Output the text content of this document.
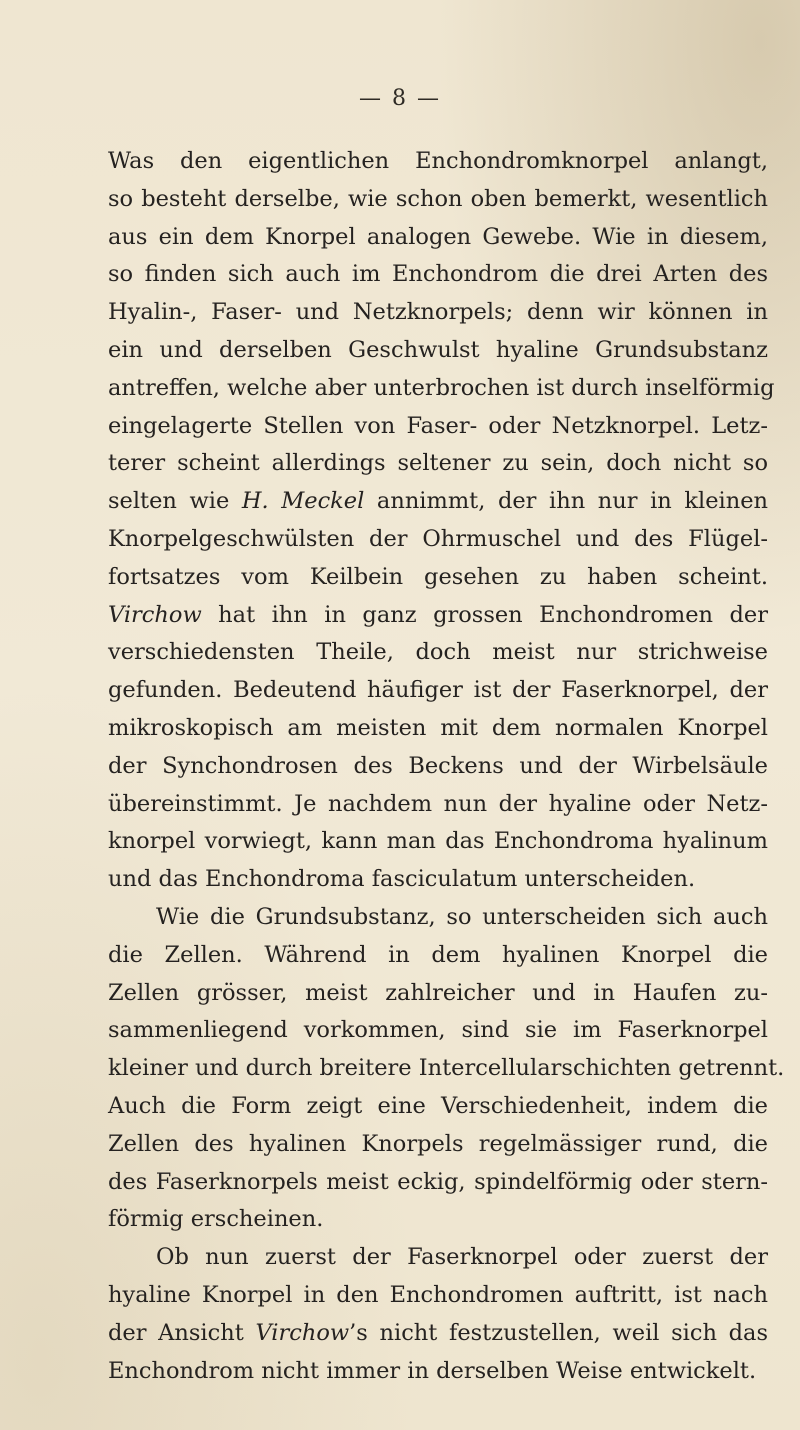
— 8 —
Was den eigentlichen Enchondromknorpel anlangt,
so besteht derselbe, wie schon oben bemerkt, wesentlich
aus ein dem Knorpel analogen Gewebe. Wie in diesem,
so finden sich auch im Enchondrom die drei Arten des
Hyalin-, Faser- und Netzknorpels; denn wir können in
ein und derselben Geschwulst hyaline Grundsubstanz
antreffen, welche aber unterbrochen ist durch inselförmig
eingelagerte Stellen von Faser- oder Netzknorpel. Letz-
terer scheint allerdings seltener zu sein, doch nicht so
selten wie H. Meckel annimmt, der ihn nur in kleinen
Knorpelgeschwülsten der Ohrmuschel und des Flügel-
fortsatzes vom Keilbein gesehen zu haben scheint.
Virchow hat ihn in ganz grossen Enchondromen der
verschiedensten Theile, doch meist nur strichweise
gefunden. Bedeutend häufiger ist der Faserknorpel, der
mikroskopisch am meisten mit dem normalen Knorpel
der Synchondrosen des Beckens und der Wirbelsäule
übereinstimmt. Je nachdem nun der hyaline oder Netz-
knorpel vorwiegt, kann man das Enchondroma hyalinum
und das Enchondroma fasciculatum unterscheiden.
Wie die Grundsubstanz, so unterscheiden sich auch
die Zellen. Während in dem hyalinen Knorpel die
Zellen grösser, meist zahlreicher und in Haufen zu-
sammenliegend vorkommen, sind sie im Faserknorpel
kleiner und durch breitere Intercellularschichten getrennt.
Auch die Form zeigt eine Verschiedenheit, indem die
Zellen des hyalinen Knorpels regelmässiger rund, die
des Faserknorpels meist eckig, spindelförmig oder stern-
förmig erscheinen.
Ob nun zuerst der Faserknorpel oder zuerst der
hyaline Knorpel in den Enchondromen auftritt, ist nach
der Ansicht Virchow’s nicht festzustellen, weil sich das
Enchondrom nicht immer in derselben Weise entwickelt.
